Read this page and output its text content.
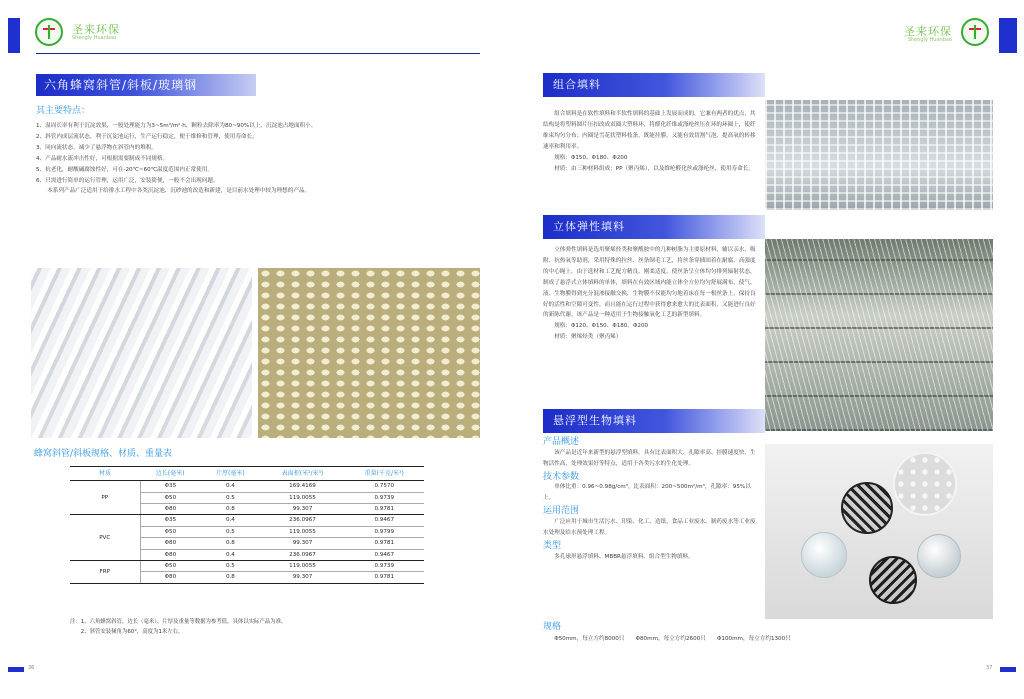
圣来环保
Shengly Huanbao
六角蜂窝斜管/斜板/玻璃钢
其主要特点：

1、湿周长率有利于沉淀效果，一般处理能力为3~5m³/m²·h，颗粒去除率为80~90%以上，沉淀池占地面积小。

2、斜管内成层流状态，利于沉淀池运行，生产运行稳定，便于维修和管理，使用寿命长。

3、同向流状态，减少了悬浮物在斜管内的堆积。

4、产品耐水流冲击性好，可根据需要制成不同规格。

5、抗老化，耐酸碱腐蚀性好，可在-20℃~60℃温度范围内正常使用。

6、只需进行简单的运行管理，运用广泛，安装简便，一般不会出现问题。

　　本系列产品广泛适用于给排水工程中各类沉淀池、沉砂池的改造和新建，是目前水处理中较为理想的产品。

蜂窝斜管/斜板规格、材质、重量表
材质	边长(毫米)	片厚(毫米)	表面积(米²/米³)	重量(千克/米³)
PP	Φ35	0.4	169.4169	0.7570
	Φ50	0.5	119.0055	0.9739
	Φ80	0.8	99.307	0.9781
PVC	Φ35	0.4	236.0967	0.9467
	Φ50	0.5	119.0055	0.9799
	Φ80	0.8	99.307	0.9781
	Φ80	0.4	236.0967	0.9467
FRP	Φ50	0.5	119.0055	0.9739
	Φ80	0.8	99.307	0.9781
注：1、六角蜂窝斜管，边长（毫米）、片厚及重量等数据为参考值，具体以实际产品为准。
　　2、斜管安装倾角为60°，高度为1米左右。
36
圣来环保
Shengly Huanbao
组合填料

　　组合填料是在软性填料和半软性填料的基础上发展而成的，它兼有两者的优点，其结构是将塑料圆片压扣改成双圈大塑料环，将醛化纤维或涤纶丝压在环的环圈上，使纤维束均匀分布；内圈是雪花状塑料枝条，既能挂膜，又能有效切割气泡，提高氧的转移速率和利用率。

　　规格：Φ150、Φ180、Φ200

　　材质：由三种材料组成：PP（聚丙烯），以及维纶醛化丝或涤纶丝，使用寿命长。

立体弹性填料

　　立体弹性填料是选用聚烯烃类和聚酰胺中的几种树脂为主要原材料，辅以亲水、吸附、抗热氧等助剂，采用特殊的拉丝、丝条制毛工艺，将丝条穿插固着在耐腐、高强度的中心绳上，由于选材和工艺配方精良，刚柔适度，使丝条呈立体均匀排列辐射状态，制成了悬浮式立体填料的单体，填料在有效区域内能立体全方位均匀舒展满布，使气、液、生物膜得到充分混渗接触交换，生物膜不仅能均匀地着床在每一根丝条上，保持良好的活性和空隙可变性，而且能在运行过程中获得愈来愈大的比表面积，又能进行良好的新陈代谢。该产品是一种适用于生物接触氧化工艺的新型填料。

　　规格：Φ120、Φ150、Φ180、Φ200

　　材质：聚烯烃类（聚丙烯）

悬浮型生物填料
产品概述
　　该产品是近年来新型的悬浮型填料，具有比表面积大、孔隙率高、挂膜速度快、生物活性高、处理效果好等特点，适用于各类污水的生化处理。
技术参数
　　单体比重：0.96~0.98g/cm³，比表面积：200~500m²/m³，孔隙率：95%以上。
运用范围
　　广泛应用于城市生活污水、印染、化工、造纸、食品工业废水、制药废水等工业废水处理及给水预处理工程。
类型
　　多孔球形悬浮填料、MBBR悬浮填料、组合型生物填料。
规格
　　Φ50mm，每立方约8000只　　Φ80mm，每立方约2600只　　Φ100mm，每立方约1300只
37
